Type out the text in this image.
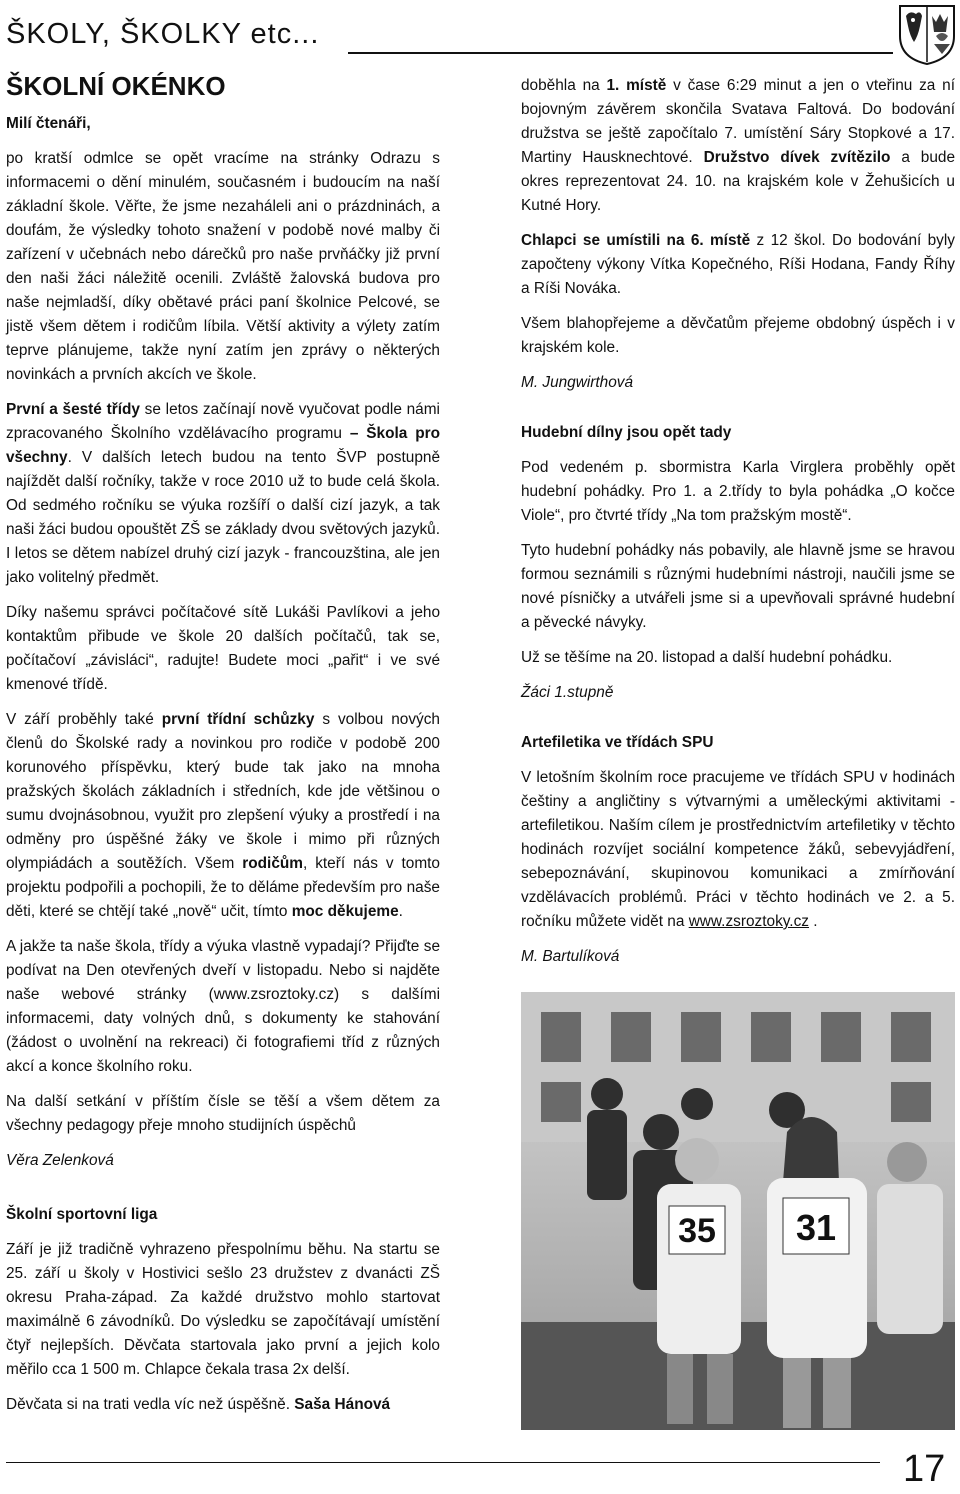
ŠKOLY, ŠKOLKY etc...
ŠKOLNÍ OKÉNKO

Milí čtenáři,

po kratší odmlce se opět vracíme na stránky Odrazu s informacemi o dění minulém, současném i budoucím na naší základní škole. Věřte, že jsme nezaháleli ani o prázdninách, a doufám, že výsledky tohoto snažení v podobě nové malby či zařízení v učebnách nebo dárečků pro naše prvňáčky již první den naši žáci náležitě ocenili. Zvláště žalovská budova pro naše nejmladší, díky obětavé práci paní školnice Pelcové, se jistě všem dětem i rodičům líbila. Větší aktivity a výlety zatím teprve plánujeme, takže nyní zatím jen zprávy o některých novinkách a prvních akcích ve škole.

První a šesté třídy se letos začínají nově vyučovat podle námi zpracovaného Školního vzdělávacího programu – Škola pro všechny. V dalších letech budou na tento ŠVP postupně najíždět další ročníky, takže v roce 2010 už to bude celá škola. Od sedmého ročníku se výuka rozšíří o další cizí jazyk, a tak naši žáci budou opouštět ZŠ se základy dvou světových jazyků. I letos se dětem nabízel druhý cizí jazyk - francouzština, ale jen jako volitelný předmět.

Díky našemu správci počítačové sítě Lukáši Pavlíkovi a jeho kontaktům přibude ve škole 20 dalších počítačů, tak se, počítačoví „závisláci“, radujte! Budete moci „pařit“ i ve své kmenové třídě.

V září proběhly také první třídní schůzky s volbou nových členů do Školské rady a novinkou pro rodiče v podobě 200 korunového příspěvku, který bude tak jako na mnoha pražských školách základních i středních, kde jde většinou o sumu dvojnásobnou, využit pro zlepšení výuky a prostředí i na odměny pro úspěšné žáky ve škole i mimo při různých olympiádách a soutěžích. Všem rodičům, kteří nás v tomto projektu podpořili a pochopili, že to děláme především pro naše děti, které se chtějí také „nově“ učit, tímto moc děkujeme.

A jakže ta naše škola, třídy a výuka vlastně vypadají? Přijďte se podívat na Den otevřených dveří v listopadu. Nebo si najděte naše webové stránky (www.zsroztoky.cz) s dalšími informacemi, daty volných dnů, s dokumenty ke stahování (žádost o uvolnění na rekreaci) či fotografiemi tříd z různých akcí a konce školního roku.

Na další setkání v příštím čísle se těší a všem dětem za všechny pedagogy přeje mnoho studijních úspěchů

Věra Zelenková

Školní sportovní liga

Září je již tradičně vyhrazeno přespolnímu běhu. Na startu se 25. září u školy v Hostivici sešlo 23 družstev z dvanácti ZŠ okresu Praha-západ. Za každé družstvo mohlo startovat maximálně 6 závodníků. Do výsledku se započítávají umístění čtyř nejlepších. Děvčata startovala jako první a jejich kolo měřilo cca 1 500 m. Chlapce čekala trasa 2x delší.

Děvčata si na trati vedla víc než úspěšně. Saša Hánová

doběhla na 1. místě v čase 6:29 minut a jen o vteřinu za ní bojovným závěrem skončila Svatava Faltová. Do bodování družstva se ještě započítalo 7. umístění Sáry Stopkové a 17. Martiny Hausknechtové. Družstvo dívek zvítězilo a bude okres reprezentovat 24. 10. na krajském kole v Žehušicích u Kutné Hory.

Chlapci se umístili na 6. místě z 12 škol. Do bodování byly započteny výkony Vítka Kopečného, Ríši Hodana, Fandy Říhy a Ríši Nováka.

Všem blahopřejeme a děvčatům přejeme obdobný úspěch i v krajském kole.

M. Jungwirthová

Hudební dílny jsou opět tady

Pod vedeném p. sbormistra Karla Virglera proběhly opět hudební pohádky. Pro 1. a 2.třídy to byla pohádka „O kočce Viole“, pro čtvrté třídy „Na tom pražským mostě“.

Tyto hudební pohádky nás pobavily, ale hlavně jsme se hravou formou seznámili s různými hudebními nástroji, naučili jsme se nové písničky a utvářeli jsme si a upevňovali správné hudební a pěvecké návyky.

Už se těšíme na 20. listopad a další hudební pohádku.

Žáci 1.stupně

Artefiletika ve třídách SPU

V letošním školním roce pracujeme ve třídách SPU v hodinách češtiny a angličtiny s výtvarnými a uměleckými aktivitami - artefiletikou. Naším cílem je prostřednictvím artefiletiky v těchto hodinách rozvíjet sociální kompetence žáků, sebevyjádření, sebepoznávání, skupinovou komunikaci a zmírňování vzdělávacích problémů. Práci v těchto hodinách ve 2. a 5. ročníku můžete vidět na www.zsroztoky.cz .

M. Bartulíková

35 31
17
